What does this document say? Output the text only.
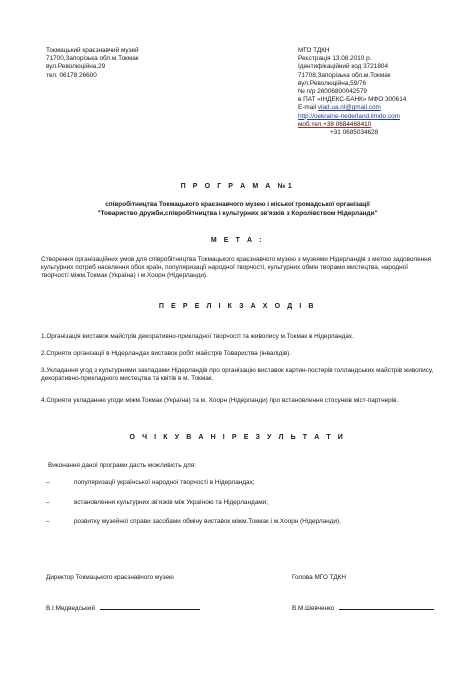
Токмацький краєзнавчий музей
71700,Запорізька обл.м.Токмак
вул.Революційна,29
тел. 06178 26600
МГО ТДКН
Реєстрація 13.08.2010 р.
Ідентифікаційний код 3721804
71708,Запорізька обл.м.Токмак
вул.Революційна,59/76
№ п/р 26006800042579
в ПАТ «ІНДЕКС-БАНК» МФО 300614
E-mail vlad.ua.nl@gmail.com
http://oekraine-nederland.ilmdo.com
моб.тел.+38 0684468410
+31 0685034628
П Р О Г Р А М А №1
співробітництва Токмацького краєзнавчого музею і міської громадської організації
"Товариство дружби,співробітництва і культурних зв'язків з Королівством Нідерланди"
М Е Т А :
Створення організаційних умов для співробітництва Токмацького краєзнавчого музею з музеями Нідерландів з метою задоволення культурних потреб населення обох країн, популяризації народної творчості, культурних обмін творами мистецтва, народної творчості міжм.Токмак (Україна) і м.Хоорн (Нідерланди).
П Е Р Е Л І К З А Х О Д І В
1.Організація виставок майстрів декоративно-прикладної творчості та живопису м.Токмак в Нідерландах.
2.Сприяти організації в Нідерландах виставок робіт майстрів Товариства (інвалідів).
3.Укладання угод з культурними закладами Нідерландів про організацію виставок картин-постерів голландських майстрів живопису, декоративно-прикладного мистецтва та квітів в м. Токмак.
4.Сприяти укладанню угоди міжм.Токмак (Україна) та м. Хоорн (Нідерланди) про встановлення стосунків міст-партнерів.
О Ч І К У В А Н І Р Е З У Л Ь Т А Т И
Виконання даної програми дасть можливість для:
–	популяризації української народної творчості в Нідерландах;
–	встановлення культурних зв'язків між Україною та Нідерландами;
–	розвитку музейної справи засобами обміну виставок міжм.Токмак і м.Хоорн (Нідерланди).
Директор Токмацького краєзнавчого музею	Голова МГО ТДКН
В.І.Медведський	В.М.Шевченко
